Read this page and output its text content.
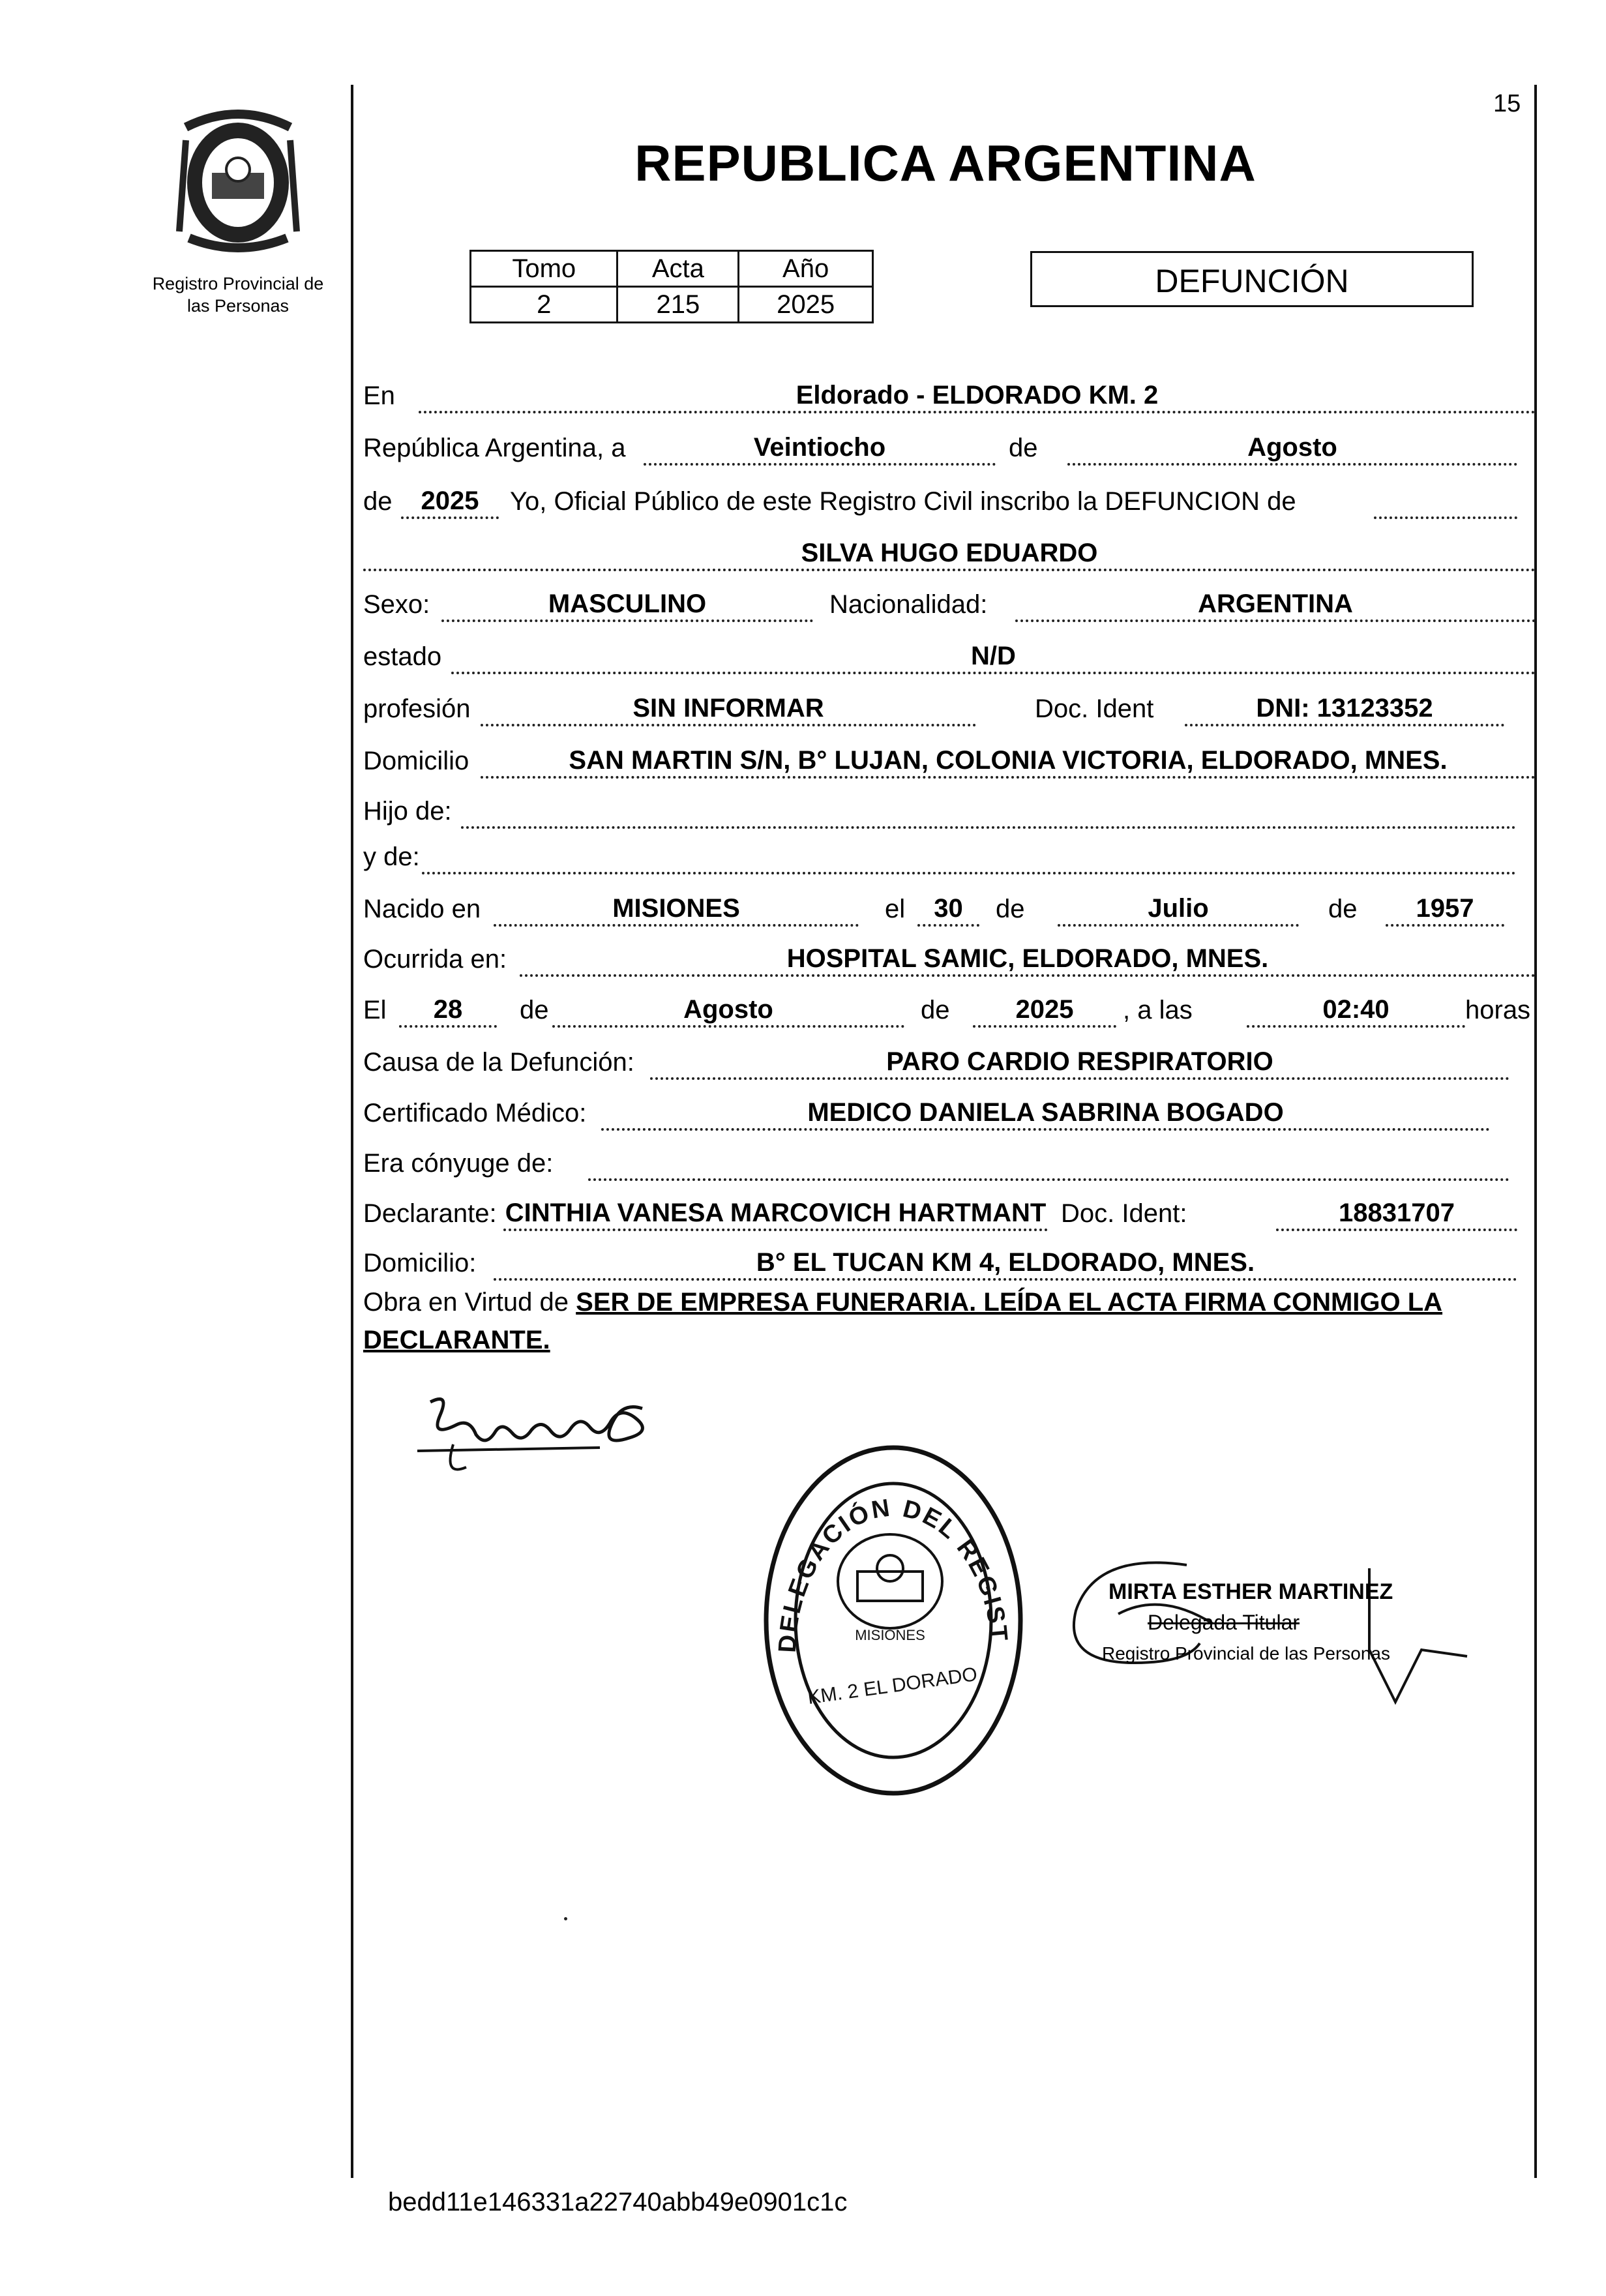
Registro Provincial de
las Personas
15
REPUBLICA ARGENTINA
Tomo	Acta	Año
2	215	2025
DEFUNCIÓN
En	Eldorado - ELDORADO KM. 2
República Argentina, a	Veintiocho	de	Agosto
de	2025	Yo, Oficial Público de este Registro Civil inscribo la DEFUNCION de
SILVA HUGO EDUARDO
Sexo:	MASCULINO	Nacionalidad:	ARGENTINA
estado	N/D
profesión	SIN INFORMAR	Doc. Ident	DNI: 13123352
Domicilio	SAN MARTIN S/N, B° LUJAN, COLONIA VICTORIA, ELDORADO, MNES.
Hijo de:
y de:
Nacido en	MISIONES	el	30	de	Julio	de	1957
Ocurrida en:	HOSPITAL SAMIC, ELDORADO, MNES.
El	28	de	Agosto	de	2025	, a las	02:40	horas
Causa de la Defunción:	PARO CARDIO RESPIRATORIO
Certificado Médico:	MEDICO DANIELA SABRINA BOGADO
Era cónyuge de:
Declarante: CINTHIA VANESA MARCOVICH HARTMANT Doc. Ident:	18831707
Domicilio:	B° EL TUCAN KM 4, ELDORADO, MNES.
Obra en Virtud de SER DE EMPRESA FUNERARIA. LEÍDA EL ACTA FIRMA CONMIGO LA DECLARANTE.
DELEGACIÓN DEL REGIST
MISIONES
KM. 2 EL DORADO
MIRTA ESTHER MARTINEZ
Delegada Titular
Registro Provincial de las Personas
bedd11e146331a22740abb49e0901c1c
